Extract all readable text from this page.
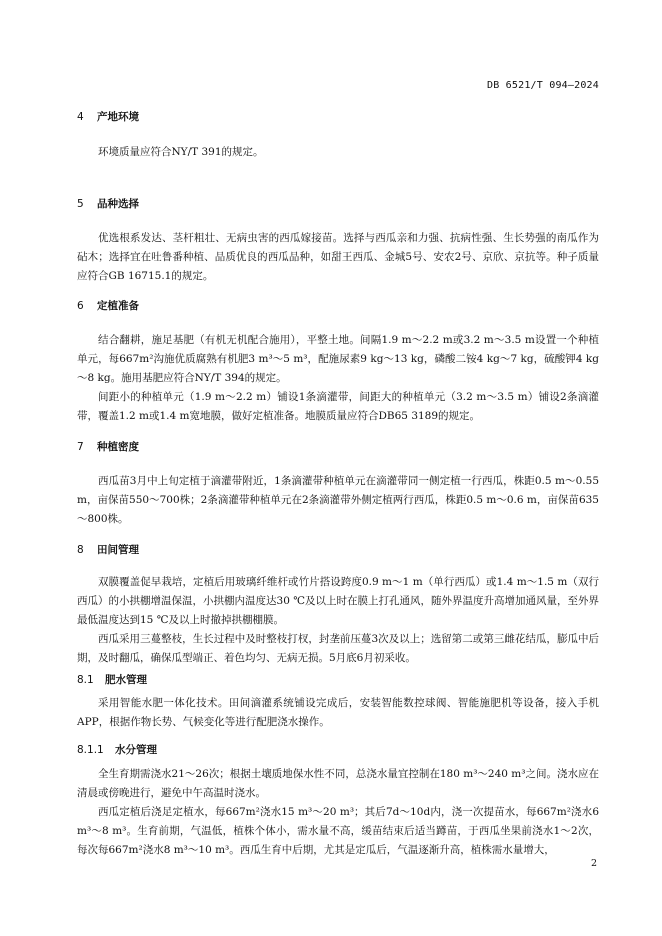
DB 6521/T 094—2024
4 产地环境

环境质量应符合NY/T 391的规定。

5 品种选择

优选根系发达、茎杆粗壮、无病虫害的西瓜嫁接苗。选择与西瓜亲和力强、抗病性强、生长势强的南瓜作为砧木；选择宜在吐鲁番种植、品质优良的西瓜品种，如甜王西瓜、金城5号、安农2号、京欣、京抗等。种子质量应符合GB 16715.1的规定。

6 定植准备

结合翻耕，施足基肥（有机无机配合施用），平整土地。间隔1.9 m～2.2 m或3.2 m～3.5 m设置一个种植单元，每667m²沟施优质腐熟有机肥3 m³～5 m³，配施尿素9 kg～13 kg，磷酸二铵4 kg～7 kg，硫酸钾4 kg～8 kg。施用基肥应符合NY/T 394的规定。

间距小的种植单元（1.9 m～2.2 m）铺设1条滴灌带，间距大的种植单元（3.2 m～3.5 m）铺设2条滴灌带，覆盖1.2 m或1.4 m宽地膜，做好定植准备。地膜质量应符合DB65 3189的规定。

7 种植密度

西瓜苗3月中上旬定植于滴灌带附近，1条滴灌带种植单元在滴灌带同一侧定植一行西瓜，株距0.5 m～0.55 m，亩保苗550～700株；2条滴灌带种植单元在2条滴灌带外侧定植两行西瓜，株距0.5 m～0.6 m，亩保苗635～800株。

8 田间管理

双膜覆盖促早栽培，定植后用玻璃纤维杆或竹片搭设跨度0.9 m～1 m（单行西瓜）或1.4 m～1.5 m（双行西瓜）的小拱棚增温保温，小拱棚内温度达30 ℃及以上时在膜上打孔通风，随外界温度升高增加通风量，至外界最低温度达到15 ℃及以上时撤掉拱棚棚膜。

西瓜采用三蔓整枝，生长过程中及时整枝打杈，封垄前压蔓3次及以上；选留第二或第三雌花结瓜，膨瓜中后期，及时翻瓜，确保瓜型端正、着色均匀、无病无损。5月底6月初采收。

8.1 肥水管理

采用智能水肥一体化技术。田间滴灌系统铺设完成后，安装智能数控球阀、智能施肥机等设备，接入手机APP，根据作物长势、气候变化等进行配肥浇水操作。

8.1.1 水分管理

全生育期需浇水21～26次；根据土壤质地保水性不同，总浇水量宜控制在180 m³～240 m³之间。浇水应在清晨或傍晚进行，避免中午高温时浇水。

西瓜定植后浇足定植水，每667m²浇水15 m³～20 m³；其后7d～10d内，浇一次提苗水，每667m²浇水6 m³～8 m³。生育前期，气温低，植株个体小，需水量不高，缓苗结束后适当蹲苗，于西瓜坐果前浇水1～2次，每次每667m²浇水8 m³～10 m³。西瓜生育中后期，尤其是定瓜后，气温逐渐升高，植株需水量增大，

2
